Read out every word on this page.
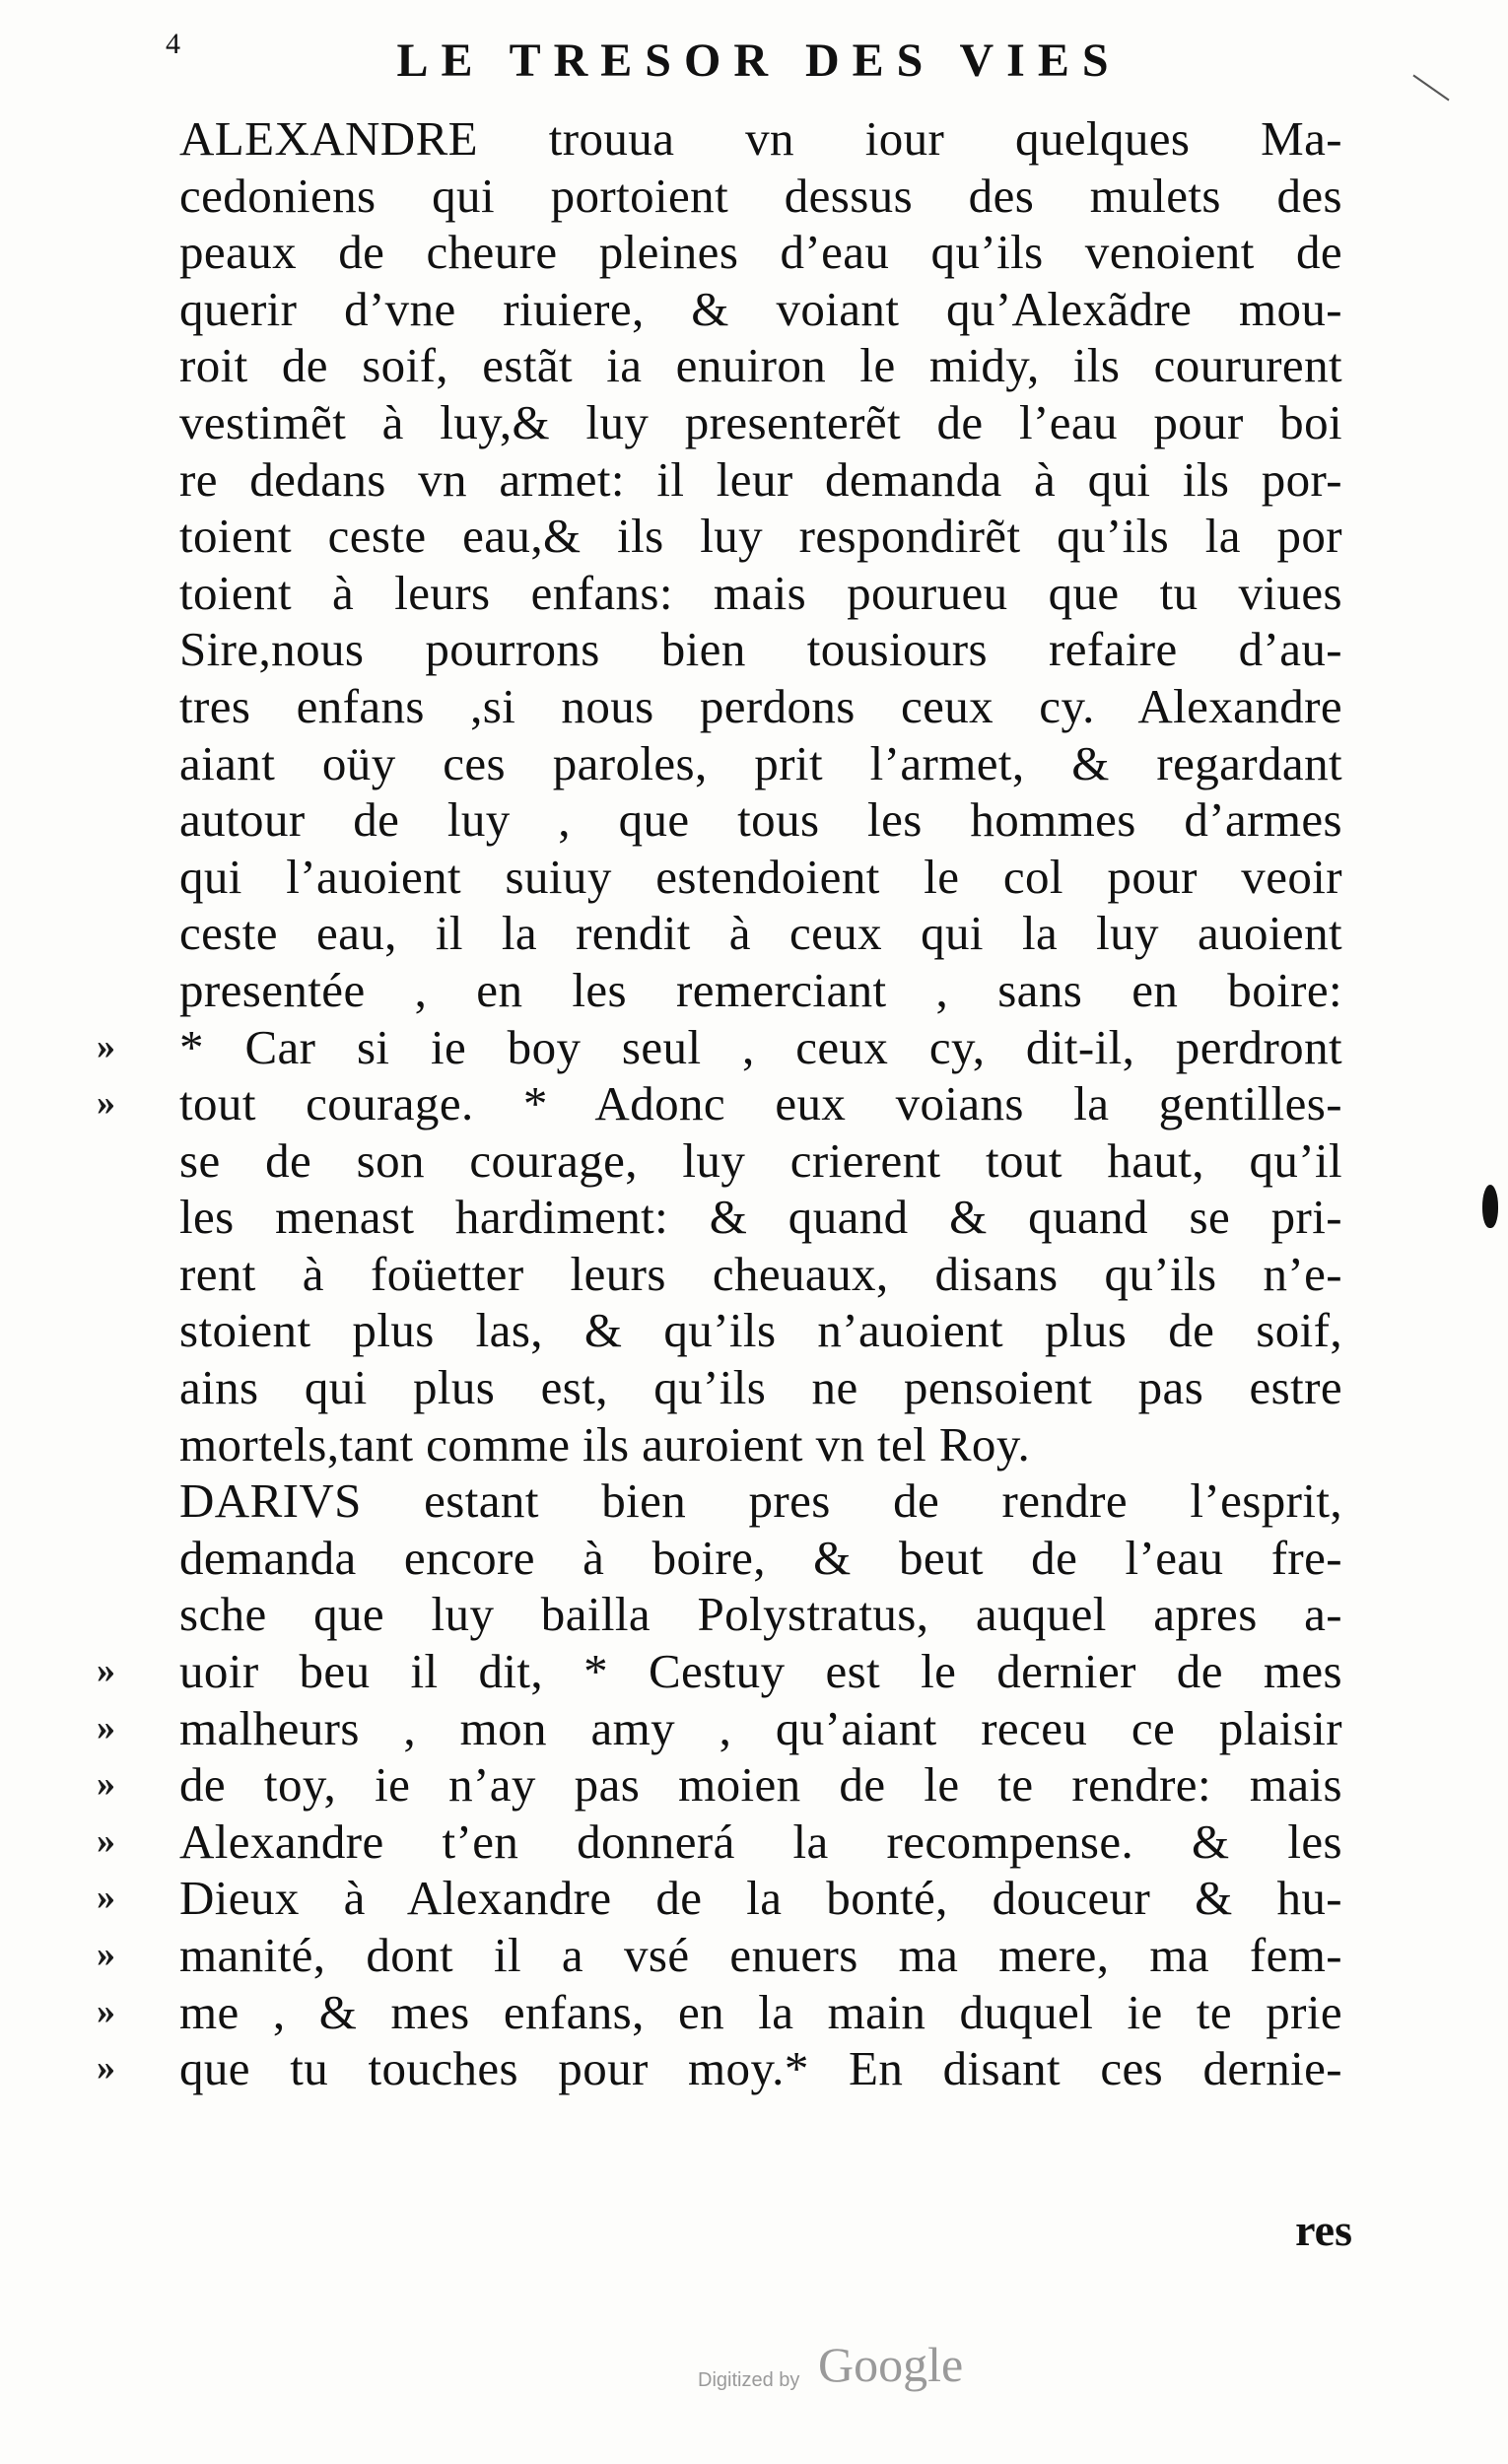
4	LE TRESOR DES VIES
ALEXANDRE trouua vn iour quelques Ma-
cedoniens qui portoient dessus des mulets des
peaux de cheure pleines d’eau qu’ils venoient de
querir d’vne riuiere, & voiant qu’Alexãdre mou-
roit de soif, estãt ia enuiron le midy, ils coururent
vestimẽt à luy,& luy presenterẽt de l’eau pour boi
re dedans vn armet: il leur demanda à qui ils por-
toient ceste eau,& ils luy respondirẽt qu’ils la por
toient à leurs enfans: mais pouruеu que tu viues
Sire,nous pourrons bien tousiours refaire d’au-
tres enfans ,si nous perdons ceux cy. Alexandre
aiant oüy ces paroles, prit l’armet, & regardant
autour de luy , que tous les hommes d’armes
qui l’auoient suiuy estendoient le col pour veoir
ceste eau, il la rendit à ceux qui la luy auoient
presentée , en les remerciant , sans en boire:
»	* Car si ie boy seul , ceux cy, dit-il, perdront
»	tout courage. * Adonc eux voians la gentilles-
se de son courage, luy crierent tout haut, qu’il
les menast hardiment: & quand & quand se pri-
rent à foüetter leurs cheuaux, disans qu’ils n’e-
stoient plus las, & qu’ils n’auoient plus de soif,
ains qui plus est, qu’ils ne pensoient pas estre
mortels,tant comme ils auroient vn tel Roy.
DARIVS estant bien pres de rendre l’esprit,
demanda encore à boire, & beut de l’eau fre-
sche que luy bailla Polystratus, auquel apres a-
»	uoir beu il dit, * Cestuy est le dernier de mes
»	malheurs , mon amy , qu’aiant receu ce plaisir
»	de toy, ie n’ay pas moien de le te rendre: mais
»	Alexandre t’en donnerá la recompense. & les
»	Dieux à Alexandre de la bonté, douceur & hu-
»	manité, dont il a vsé enuers ma mere, ma fem-
»	me , & mes enfans, en la main duquel ie te prie
»	que tu touches pour moy.* En disant ces dernie-
res
Digitized by Google
